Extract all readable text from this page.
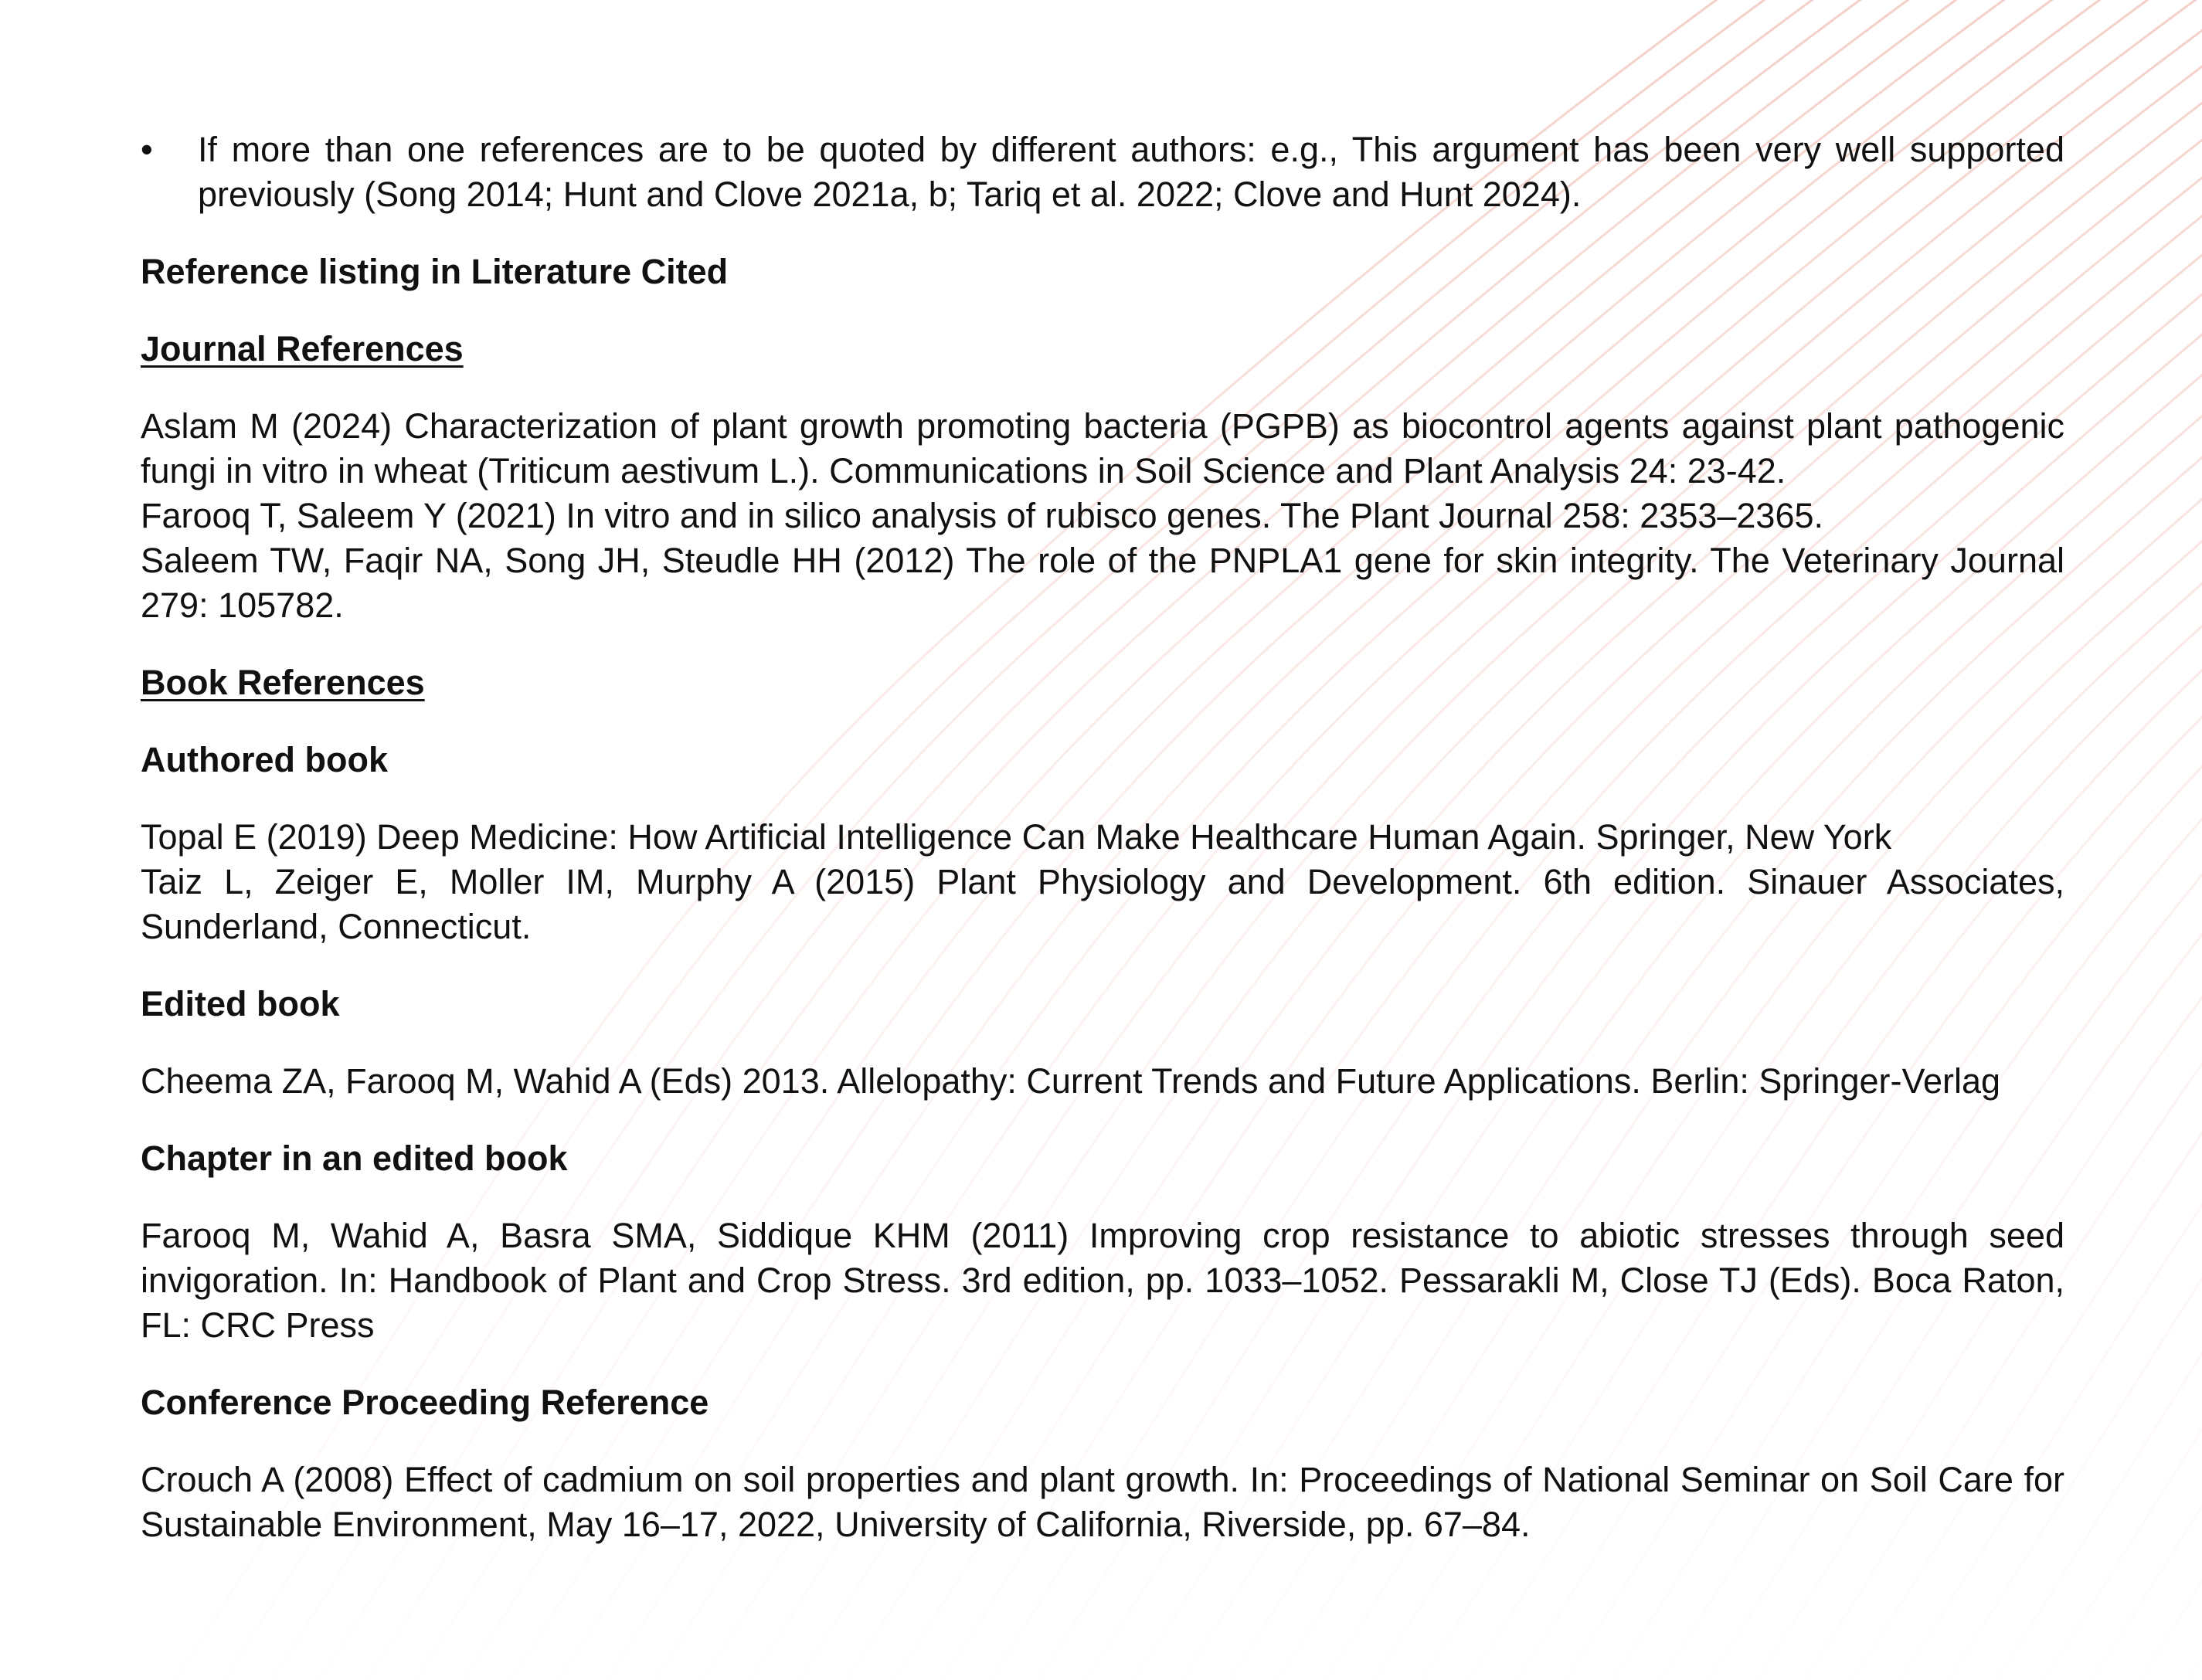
•	If more than one references are to be quoted by different authors: e.g., This argument has been very well supported previously (Song 2014; Hunt and Clove 2021a, b; Tariq et al. 2022; Clove and Hunt 2024).
Reference listing in Literature Cited
Journal References

Aslam M (2024) Characterization of plant growth promoting bacteria (PGPB) as biocontrol agents against plant pathogenic fungi in vitro in wheat (Triticum aestivum L.). Communications in Soil Science and Plant Analysis 24: 23-42.

Farooq T, Saleem Y (2021) In vitro and in silico analysis of rubisco genes. The Plant Journal 258: 2353–2365.

Saleem TW, Faqir NA, Song JH, Steudle HH (2012) The role of the PNPLA1 gene for skin integrity. The Veterinary Journal 279: 105782.

Book References
Authored book

Topal E (2019) Deep Medicine: How Artificial Intelligence Can Make Healthcare Human Again. Springer, New York

Taiz L, Zeiger E, Moller IM, Murphy A (2015) Plant Physiology and Development. 6th edition. Sinauer Associates, Sunderland, Connecticut.

Edited book

Cheema ZA, Farooq M, Wahid A (Eds) 2013. Allelopathy: Current Trends and Future Applications. Berlin: Springer-Verlag

Chapter in an edited book

Farooq M, Wahid A, Basra SMA, Siddique KHM (2011) Improving crop resistance to abiotic stresses through seed invigoration. In: Handbook of Plant and Crop Stress. 3rd edition, pp. 1033–1052. Pessarakli M, Close TJ (Eds). Boca Raton, FL: CRC Press

Conference Proceeding Reference

Crouch A (2008) Effect of cadmium on soil properties and plant growth. In: Proceedings of National Seminar on Soil Care for Sustainable Environment, May 16–17, 2022, University of California, Riverside, pp. 67–84.
